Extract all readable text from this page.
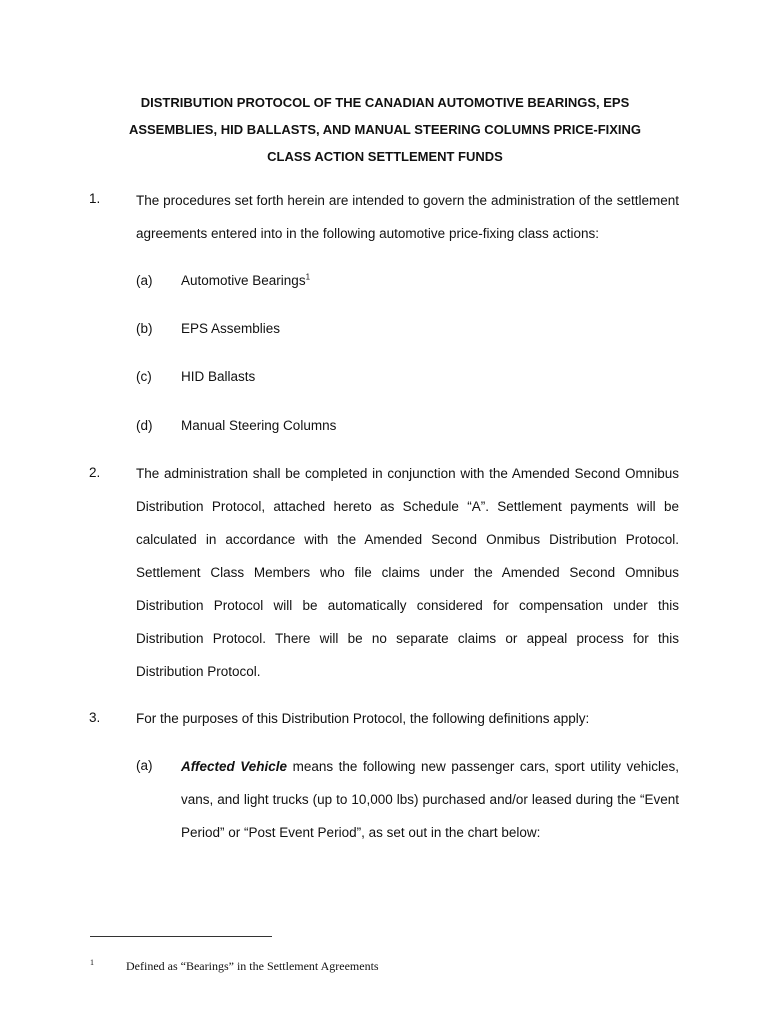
DISTRIBUTION PROTOCOL OF THE CANADIAN AUTOMOTIVE BEARINGS, EPS
ASSEMBLIES, HID BALLASTS, AND MANUAL STEERING COLUMNS PRICE-FIXING
CLASS ACTION SETTLEMENT FUNDS
1.	The procedures set forth herein are intended to govern the administration of the settlement
agreements entered into in the following automotive price-fixing class actions:
(a) Automotive Bearings$^1$
(b) EPS Assemblies
(c) HID Ballasts
(d) Manual Steering Columns
2.	The administration shall be completed in conjunction with the Amended Second Omnibus
Distribution Protocol, attached hereto as Schedule “A”. Settlement payments will be
calculated in accordance with the Amended Second Onmibus Distribution Protocol.
Settlement Class Members who file claims under the Amended Second Omnibus
Distribution Protocol will be automatically considered for compensation under this
Distribution Protocol. There will be no separate claims or appeal process for this
Distribution Protocol.
3.	For the purposes of this Distribution Protocol, the following definitions apply:
(a) Affected Vehicle means the following new passenger cars, sport utility vehicles,
vans, and light trucks (up to 10,000 lbs) purchased and/or leased during the “Event
Period” or “Post Event Period”, as set out in the chart below:
1	Defined as “Bearings” in the Settlement Agreements
